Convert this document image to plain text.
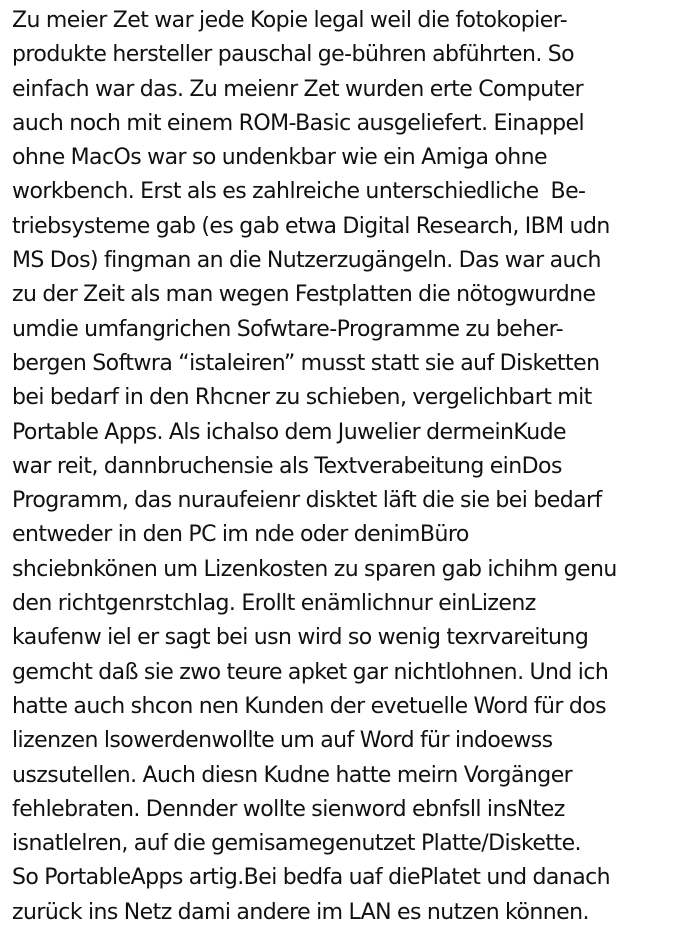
Zu meier Zet war jede Kopie legal weil die fotokopier-
produkte hersteller pauschal ge-bühren abführten. So
einfach war das. Zu meienr Zet wurden erte Computer
auch noch mit einem ROM-Basic ausgeliefert. Einappel
ohne MacOs war so undenkbar wie ein Amiga ohne
workbench. Erst als es zahlreiche unterschiedliche  Be-
triebsysteme gab (es gab etwa Digital Research, IBM udn
MS Dos) fingman an die Nutzerzugängeln. Das war auch
zu der Zeit als man wegen Festplatten die nötogwurdne
umdie umfangrichen Sofwtare-Programme zu beher-
bergen Softwra “istaleiren” musst statt sie auf Disketten
bei bedarf in den Rhcner zu schieben, vergelichbart mit
Portable Apps. Als ichalso dem Juwelier dermeinKude
war reit, dannbruchensie als Textverabeitung einDos
Programm, das nuraufeienr disktet läft die sie bei bedarf
entweder in den PC im nde oder denimBüro
shciebnkönen um Lizenkosten zu sparen gab ichihm genu
den richtgenrstchlag. Erollt enämlichnur einLizenz
kaufenw iel er sagt bei usn wird so wenig texrvareitung
gemcht daß sie zwo teure apket gar nichtlohnen. Und ich
hatte auch shcon nen Kunden der evetuelle Word für dos
lizenzen lsowerdenwollte um auf Word für indoewss
uszsutellen. Auch diesn Kudne hatte meirn Vorgänger
fehlebraten. Dennder wollte sienword ebnfsll insNtez
isnatlelren, auf die gemisamegenutzet Platte/Diskette.
So PortableApps artig.Bei bedfa uaf diePlatet und danach
zurück ins Netz dami andere im LAN es nutzen können.
